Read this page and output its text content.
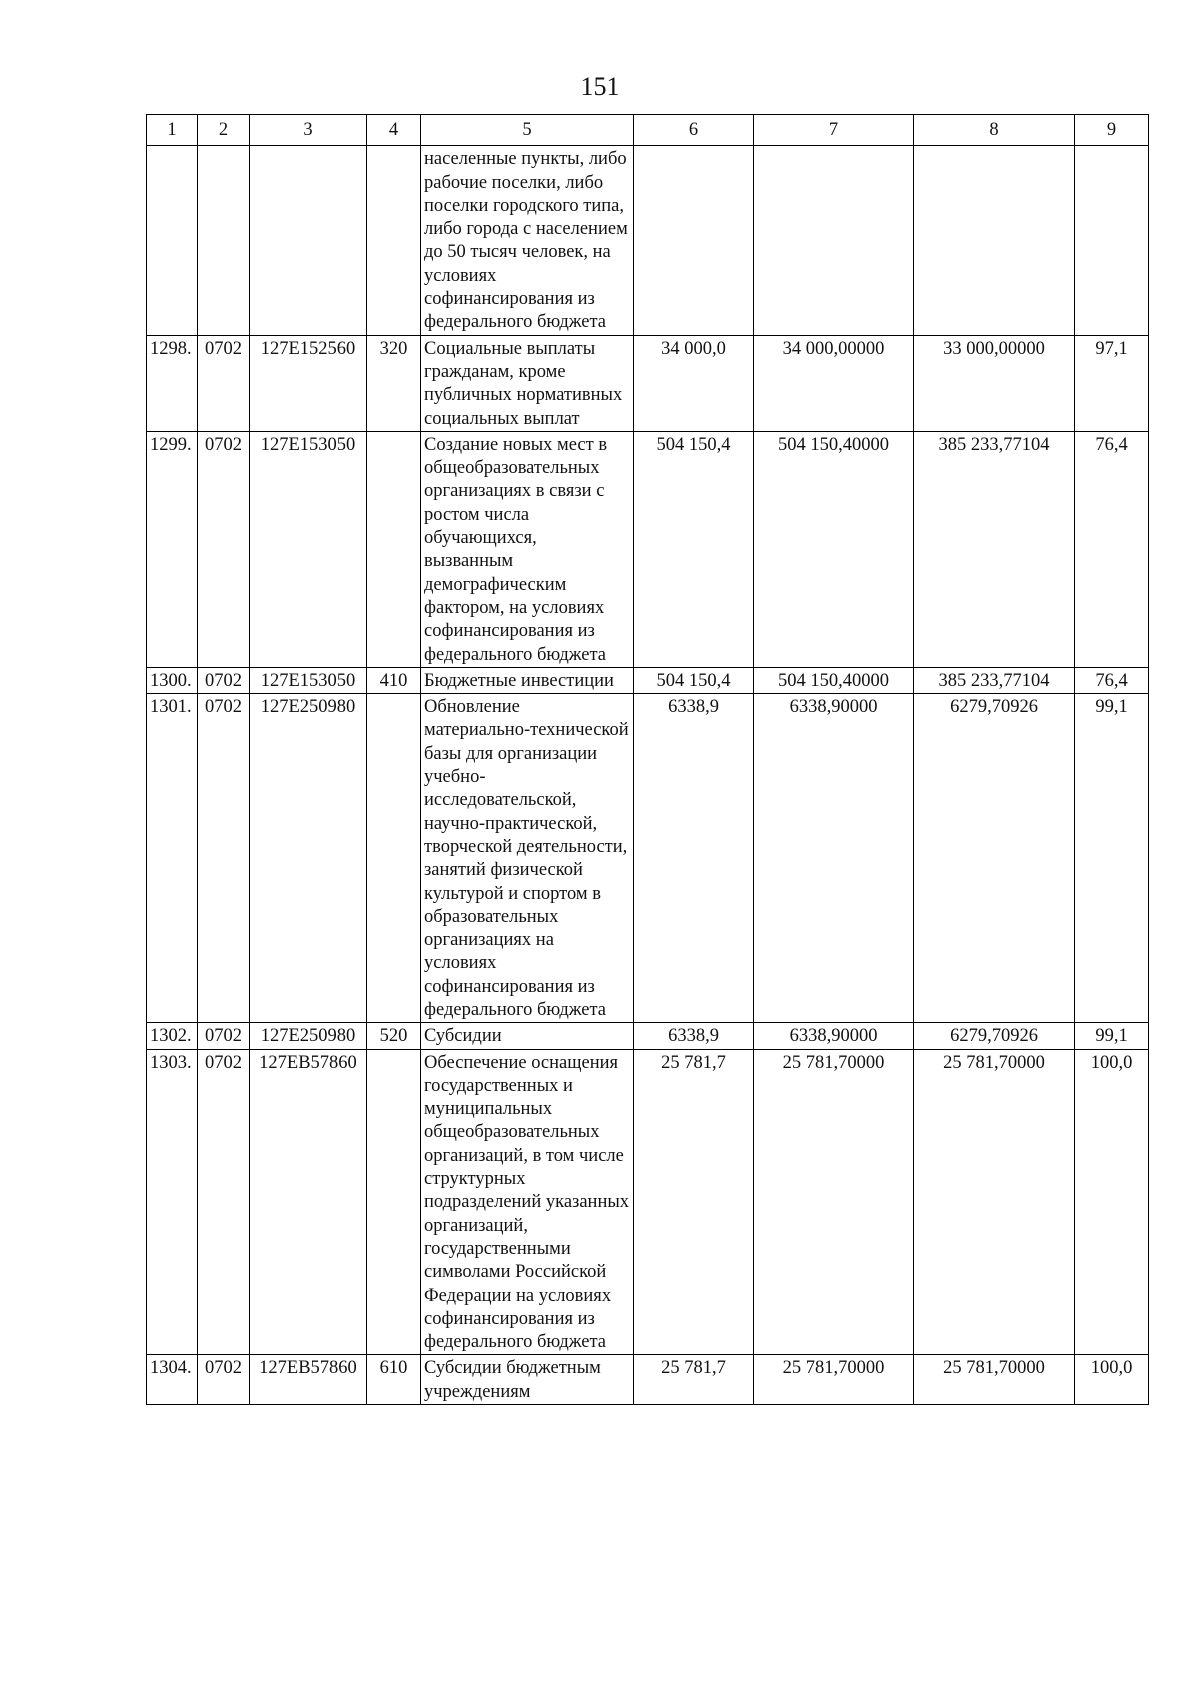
151
1	2	3	4	5	6	7	8	9
				населенные пункты, либо рабочие поселки, либо поселки городского типа, либо города с населением до 50 тысяч человек, на условиях софинансирования из федерального бюджета				
1298.	0702	127E152560	320	Социальные выплаты гражданам, кроме публичных нормативных социальных выплат	34 000,0	34 000,00000	33 000,00000	97,1
1299.	0702	127E153050		Создание новых мест в общеобразовательных организациях в связи с ростом числа обучающихся, вызванным демографическим фактором, на условиях софинансирования из федерального бюджета	504 150,4	504 150,40000	385 233,77104	76,4
1300.	0702	127E153050	410	Бюджетные инвестиции	504 150,4	504 150,40000	385 233,77104	76,4
1301.	0702	127E250980		Обновление материально-технической базы для организации учебно-исследовательской, научно-практической, творческой деятельности, занятий физической культурой и спортом в образовательных организациях на условиях софинансирования из федерального бюджета	6338,9	6338,90000	6279,70926	99,1
1302.	0702	127E250980	520	Субсидии	6338,9	6338,90000	6279,70926	99,1
1303.	0702	127EB57860		Обеспечение оснащения государственных и муниципальных общеобразовательных организаций, в том числе структурных подразделений указанных организаций, государственными символами Российской Федерации на условиях софинансирования из федерального бюджета	25 781,7	25 781,70000	25 781,70000	100,0
1304.	0702	127EB57860	610	Субсидии бюджетным учреждениям	25 781,7	25 781,70000	25 781,70000	100,0
